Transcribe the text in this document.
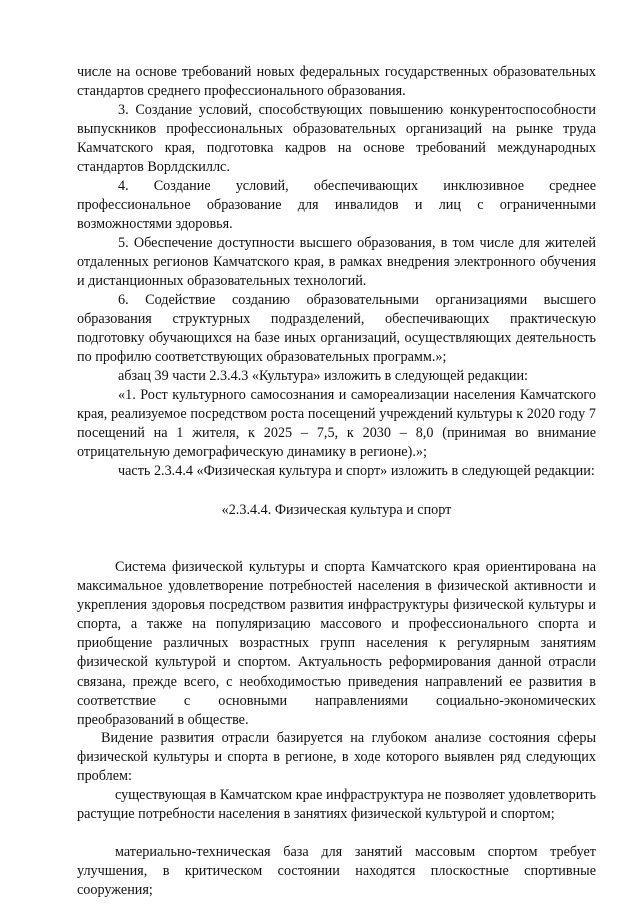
числе на основе требований новых федеральных государственных образовательных стандартов среднего профессионального образования.

3. Создание условий, способствующих повышению конкурентоспособности выпускников профессиональных образовательных организаций на рынке труда Камчатского края, подготовка кадров на основе требований международных стандартов Ворлдскиллс.

4. Создание условий, обеспечивающих инклюзивное среднее профессиональное образование для инвалидов и лиц с ограниченными возможностями здоровья.

5. Обеспечение доступности высшего образования, в том числе для жителей отдаленных регионов Камчатского края, в рамках внедрения электронного обучения и дистанционных образовательных технологий.

6. Содействие созданию образовательными организациями высшего образования структурных подразделений, обеспечивающих практическую подготовку обучающихся на базе иных организаций, осуществляющих деятельность по профилю соответствующих образовательных программ.»;

абзац 39 части 2.3.4.3 «Культура» изложить в следующей редакции:

«1. Рост культурного самосознания и самореализации населения Камчатского края, реализуемое посредством роста посещений учреждений культуры к 2020 году 7 посещений на 1 жителя, к 2025 – 7,5, к 2030 – 8,0 (принимая во внимание отрицательную демографическую динамику в регионе).»;

часть 2.3.4.4 «Физическая культура и спорт» изложить в следующей редакции:

«2.3.4.4. Физическая культура и спорт

Система физической культуры и спорта Камчатского края ориентирована на максимальное удовлетворение потребностей населения в физической активности и укрепления здоровья посредством развития инфраструктуры физической культуры и спорта, а также на популяризацию массового и профессионального спорта и приобщение различных возрастных групп населения к регулярным занятиям физической культурой и спортом. Актуальность реформирования данной отрасли связана, прежде всего, с необходимостью приведения направлений ее развития в соответствие с основными направлениями социально-экономических преобразований в обществе.

Видение развития отрасли базируется на глубоком анализе состояния сферы физической культуры и спорта в регионе, в ходе которого выявлен ряд следующих проблем:

существующая в Камчатском крае инфраструктура не позволяет удовлетворить растущие потребности населения в занятиях физической культурой и спортом;

материально-техническая база для занятий массовым спортом требует улучшения, в критическом состоянии находятся плоскостные спортивные сооружения;
